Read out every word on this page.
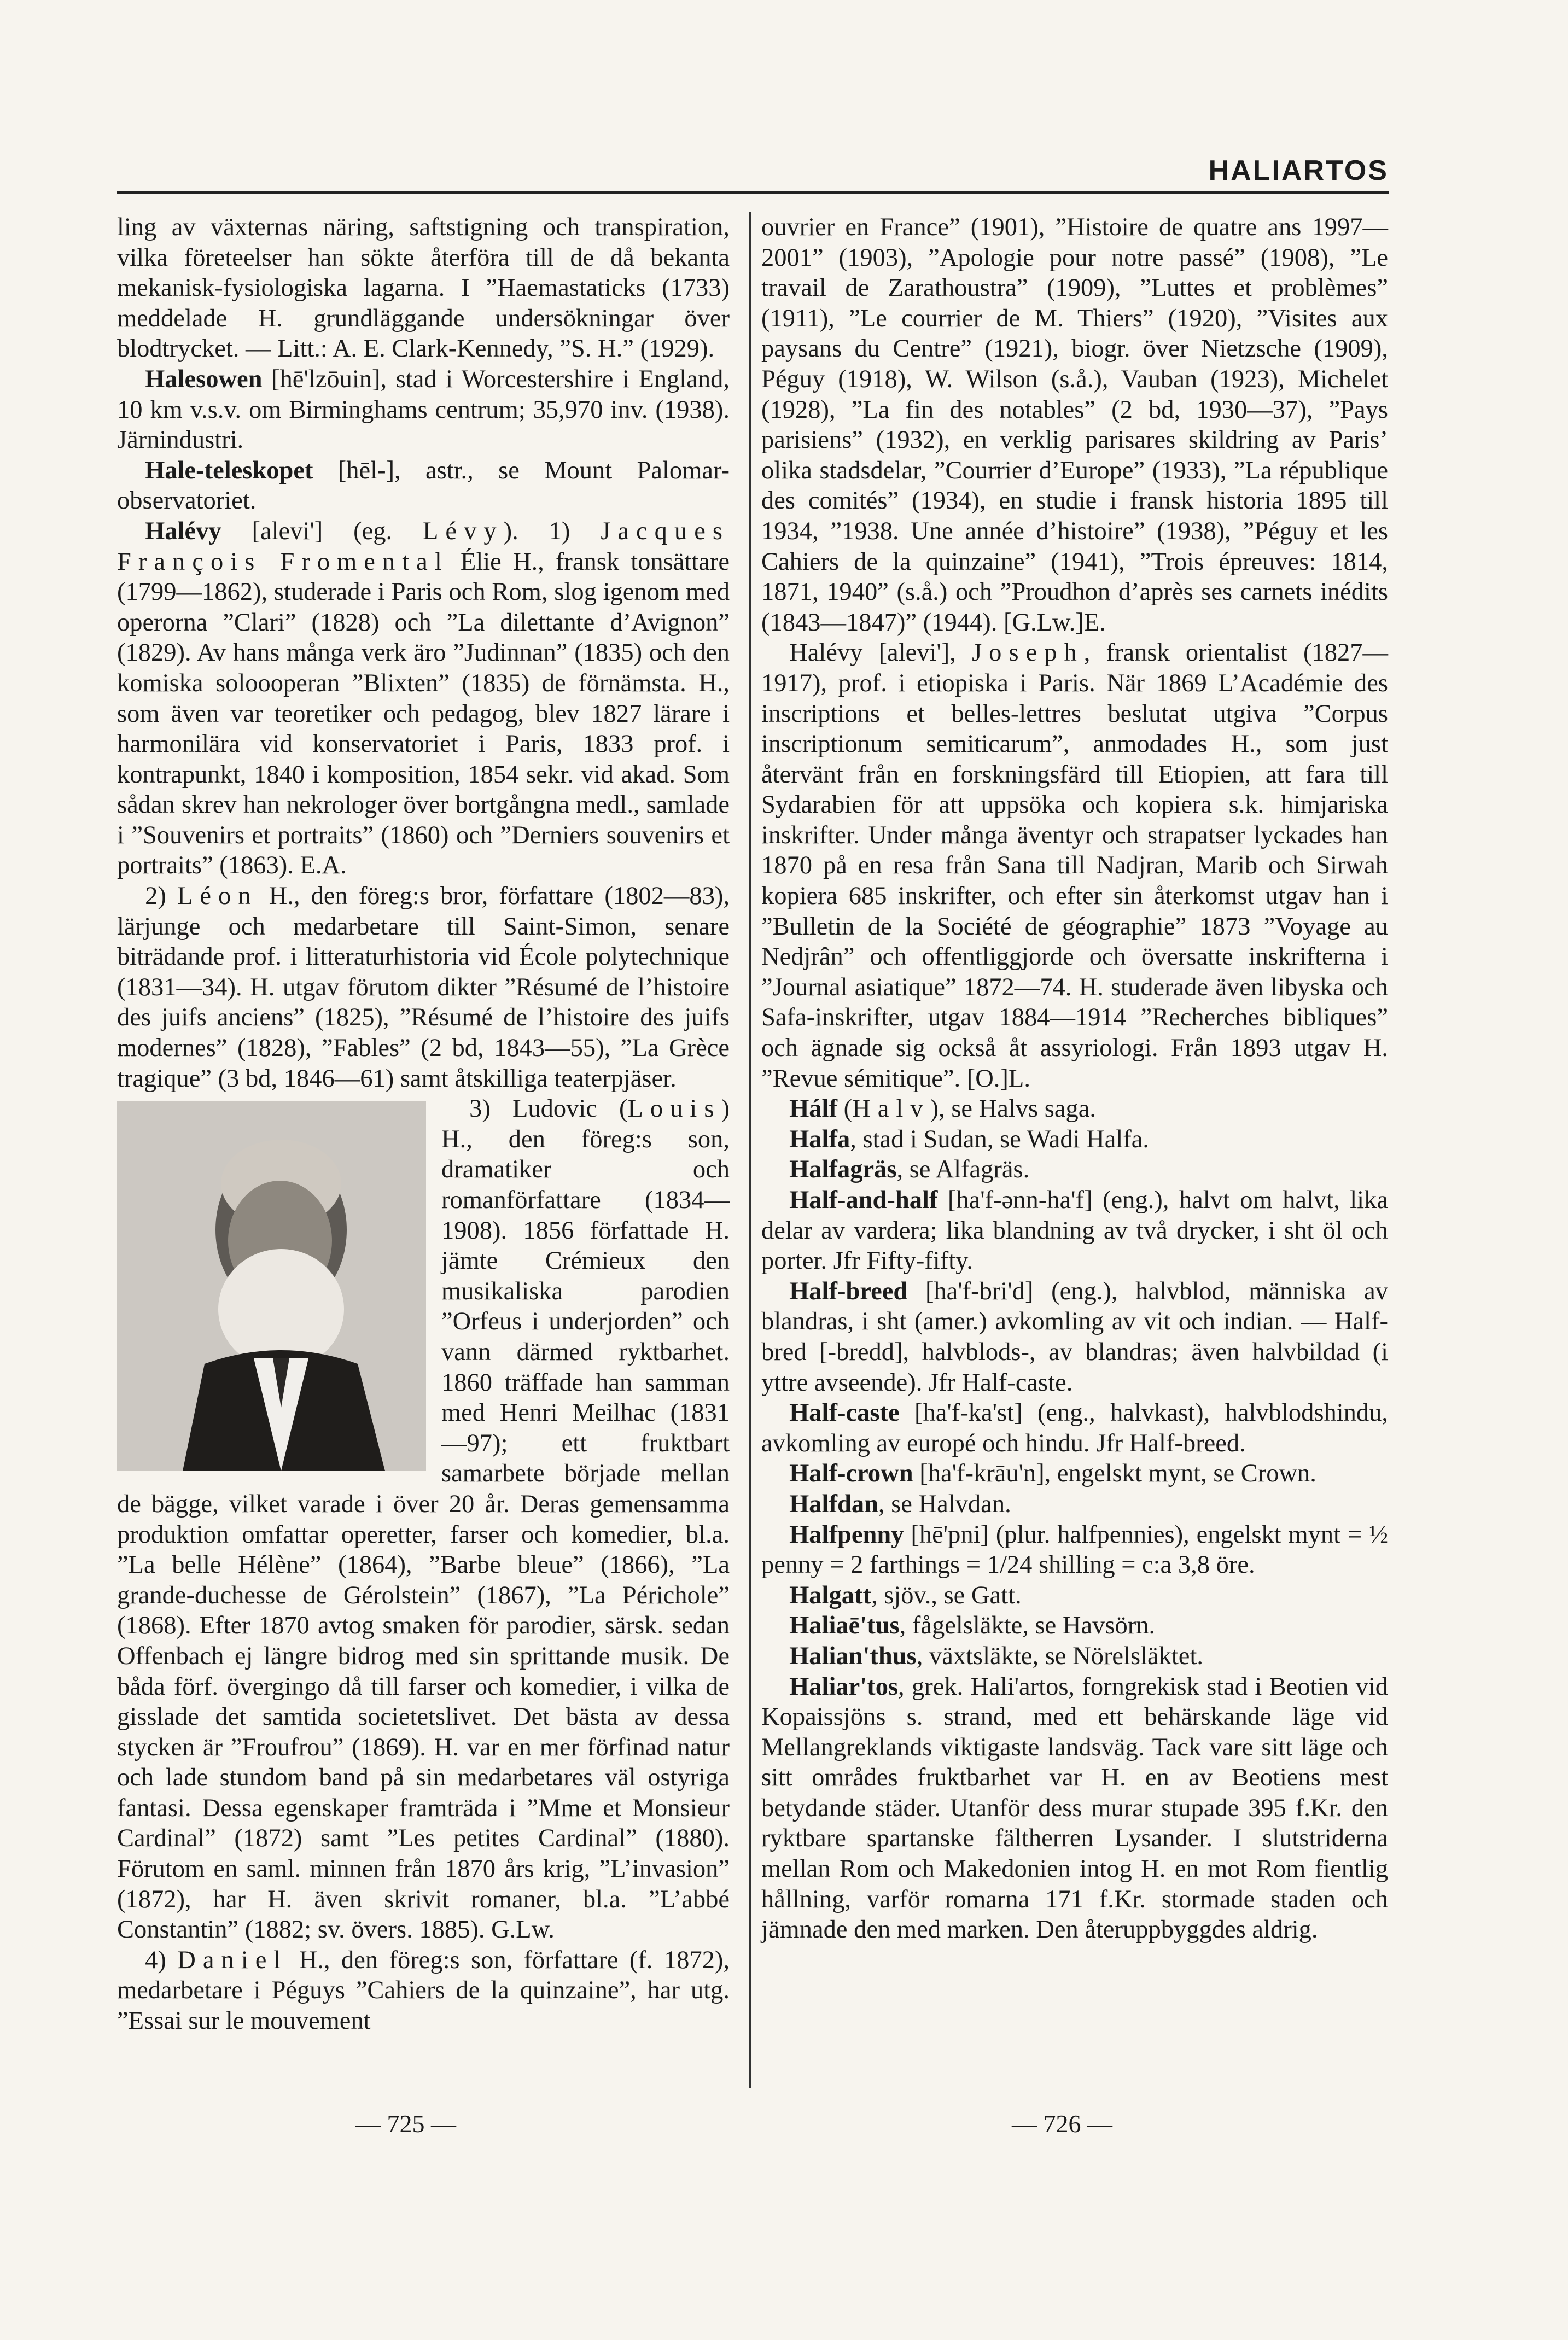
HALIARTOS

ling av växternas näring, saftstigning och transpiration, vilka företeelser han sökte återföra till de då bekanta mekanisk-fysiologiska lagarna. I ”Haemastaticks (1733) meddelade H. grundläggande undersökningar över blodtrycket. — Litt.: A. E. Clark-Kennedy, ”S. H.” (1929).

Halesowen [hē'lzōuin], stad i Worcestershire i England, 10 km v.s.v. om Birminghams centrum; 35,970 inv. (1938). Järnindustri.

Hale-teleskopet [hēl-], astr., se Mount Palomar-observatoriet.

Halévy [alevi'] (eg. Lévy). 1) Jacques François Fromental Élie H., fransk tonsättare (1799—1862), studerade i Paris och Rom, slog igenom med operorna ”Clari” (1828) och ”La dilettante d’Avignon” (1829). Av hans många verk äro ”Judinnan” (1835) och den komiska soloooperan ”Blixten” (1835) de förnämsta. H., som även var teoretiker och pedagog, blev 1827 lärare i harmonilära vid konservatoriet i Paris, 1833 prof. i kontrapunkt, 1840 i komposition, 1854 sekr. vid akad. Som sådan skrev han nekrologer över bortgångna medl., samlade i ”Souvenirs et portraits” (1860) och ”Derniers souvenirs et portraits” (1863). E.A.

2) Léon H., den föreg:s bror, författare (1802—83), lärjunge och medarbetare till Saint-Simon, senare biträdande prof. i litteraturhistoria vid École polytechnique (1831—34). H. utgav förutom dikter ”Résumé de l’histoire des juifs anciens” (1825), ”Résumé de l’histoire des juifs modernes” (1828), ”Fables” (2 bd, 1843—55), ”La Grèce tragique” (3 bd, 1846—61) samt åtskilliga teaterpjäser.

3) Ludovic (Louis) H., den föreg:s son, dramatiker och romanförfattare (1834—1908). 1856 författade H. jämte Crémieux den musikaliska parodien ”Orfeus i underjorden” och vann därmed ryktbarhet. 1860 träffade han samman med Henri Meilhac (1831—97); ett fruktbart samarbete började mellan de bägge, vilket varade i över 20 år. Deras gemensamma produktion omfattar operetter, farser och komedier, bl.a. ”La belle Hélène” (1864), ”Barbe bleue” (1866), ”La grande-duchesse de Gérolstein” (1867), ”La Périchole” (1868). Efter 1870 avtog smaken för parodier, särsk. sedan Offenbach ej längre bidrog med sin sprittande musik. De båda förf. övergingo då till farser och komedier, i vilka de gisslade det samtida societetslivet. Det bästa av dessa stycken är ”Froufrou” (1869). H. var en mer förfinad natur och lade stundom band på sin medarbetares väl ostyriga fantasi. Dessa egenskaper framträda i ”Mme et Monsieur Cardinal” (1872) samt ”Les petites Cardinal” (1880). Förutom en saml. minnen från 1870 års krig, ”L’invasion” (1872), har H. även skrivit romaner, bl.a. ”L’abbé Constantin” (1882; sv. övers. 1885). G.Lw.

4) Daniel H., den föreg:s son, författare (f. 1872), medarbetare i Péguys ”Cahiers de la quinzaine”, har utg. ”Essai sur le mouvement

ouvrier en France” (1901), ”Histoire de quatre ans 1997—2001” (1903), ”Apologie pour notre passé” (1908), ”Le travail de Zarathoustra” (1909), ”Luttes et problèmes” (1911), ”Le courrier de M. Thiers” (1920), ”Visites aux paysans du Centre” (1921), biogr. över Nietzsche (1909), Péguy (1918), W. Wilson (s.å.), Vauban (1923), Michelet (1928), ”La fin des notables” (2 bd, 1930—37), ”Pays parisiens” (1932), en verklig parisares skildring av Paris’ olika stadsdelar, ”Courrier d’Europe” (1933), ”La république des comités” (1934), en studie i fransk historia 1895 till 1934, ”1938. Une année d’histoire” (1938), ”Péguy et les Cahiers de la quinzaine” (1941), ”Trois épreuves: 1814, 1871, 1940” (s.å.) och ”Proudhon d’après ses carnets inédits (1843—1847)” (1944). [G.Lw.]E.

Halévy [alevi'], Joseph, fransk orientalist (1827—1917), prof. i etiopiska i Paris. När 1869 L’Académie des inscriptions et belles-lettres beslutat utgiva ”Corpus inscriptionum semiticarum”, anmodades H., som just återvänt från en forskningsfärd till Etiopien, att fara till Sydarabien för att uppsöka och kopiera s.k. himjariska inskrifter. Under många äventyr och strapatser lyckades han 1870 på en resa från Sana till Nadjran, Marib och Sirwah kopiera 685 inskrifter, och efter sin återkomst utgav han i ”Bulletin de la Société de géographie” 1873 ”Voyage au Nedjrân” och offentliggjorde och översatte inskrifterna i ”Journal asiatique” 1872—74. H. studerade även libyska och Safa-inskrifter, utgav 1884—1914 ”Recherches bibliques” och ägnade sig också åt assyriologi. Från 1893 utgav H. ”Revue sémitique”. [O.]L.

Hálf (Halv), se Halvs saga.

Halfa, stad i Sudan, se Wadi Halfa.

Halfagräs, se Alfagräs.

Half-and-half [ha'f-ənn-ha'f] (eng.), halvt om halvt, lika delar av vardera; lika blandning av två drycker, i sht öl och porter. Jfr Fifty-fifty.

Half-breed [ha'f-bri'd] (eng.), halvblod, människa av blandras, i sht (amer.) avkomling av vit och indian. — Half-bred [-bredd], halvblods-, av blandras; även halvbildad (i yttre avseende). Jfr Half-caste.

Half-caste [ha'f-ka'st] (eng., halvkast), halvblodshindu, avkomling av europé och hindu. Jfr Half-breed.

Half-crown [ha'f-krāu'n], engelskt mynt, se Crown.

Halfdan, se Halvdan.

Halfpenny [hē'pni] (plur. halfpennies), engelskt mynt = ½ penny = 2 farthings = 1/24 shilling = c:a 3,8 öre.

Halgatt, sjöv., se Gatt.

Haliaē'tus, fågelsläkte, se Havsörn.

Halian'thus, växtsläkte, se Nörelsläktet.

Haliar'tos, grek. Hali'artos, forngrekisk stad i Beotien vid Kopaissjöns s. strand, med ett behärskande läge vid Mellangreklands viktigaste landsväg. Tack vare sitt läge och sitt områdes fruktbarhet var H. en av Beotiens mest betydande städer. Utanför dess murar stupade 395 f.Kr. den ryktbare spartanske fältherren Lysander. I slutstriderna mellan Rom och Makedonien intog H. en mot Rom fientlig hållning, varför romarna 171 f.Kr. stormade staden och jämnade den med marken. Den återuppbyggdes aldrig.

— 725 —	— 726 —
